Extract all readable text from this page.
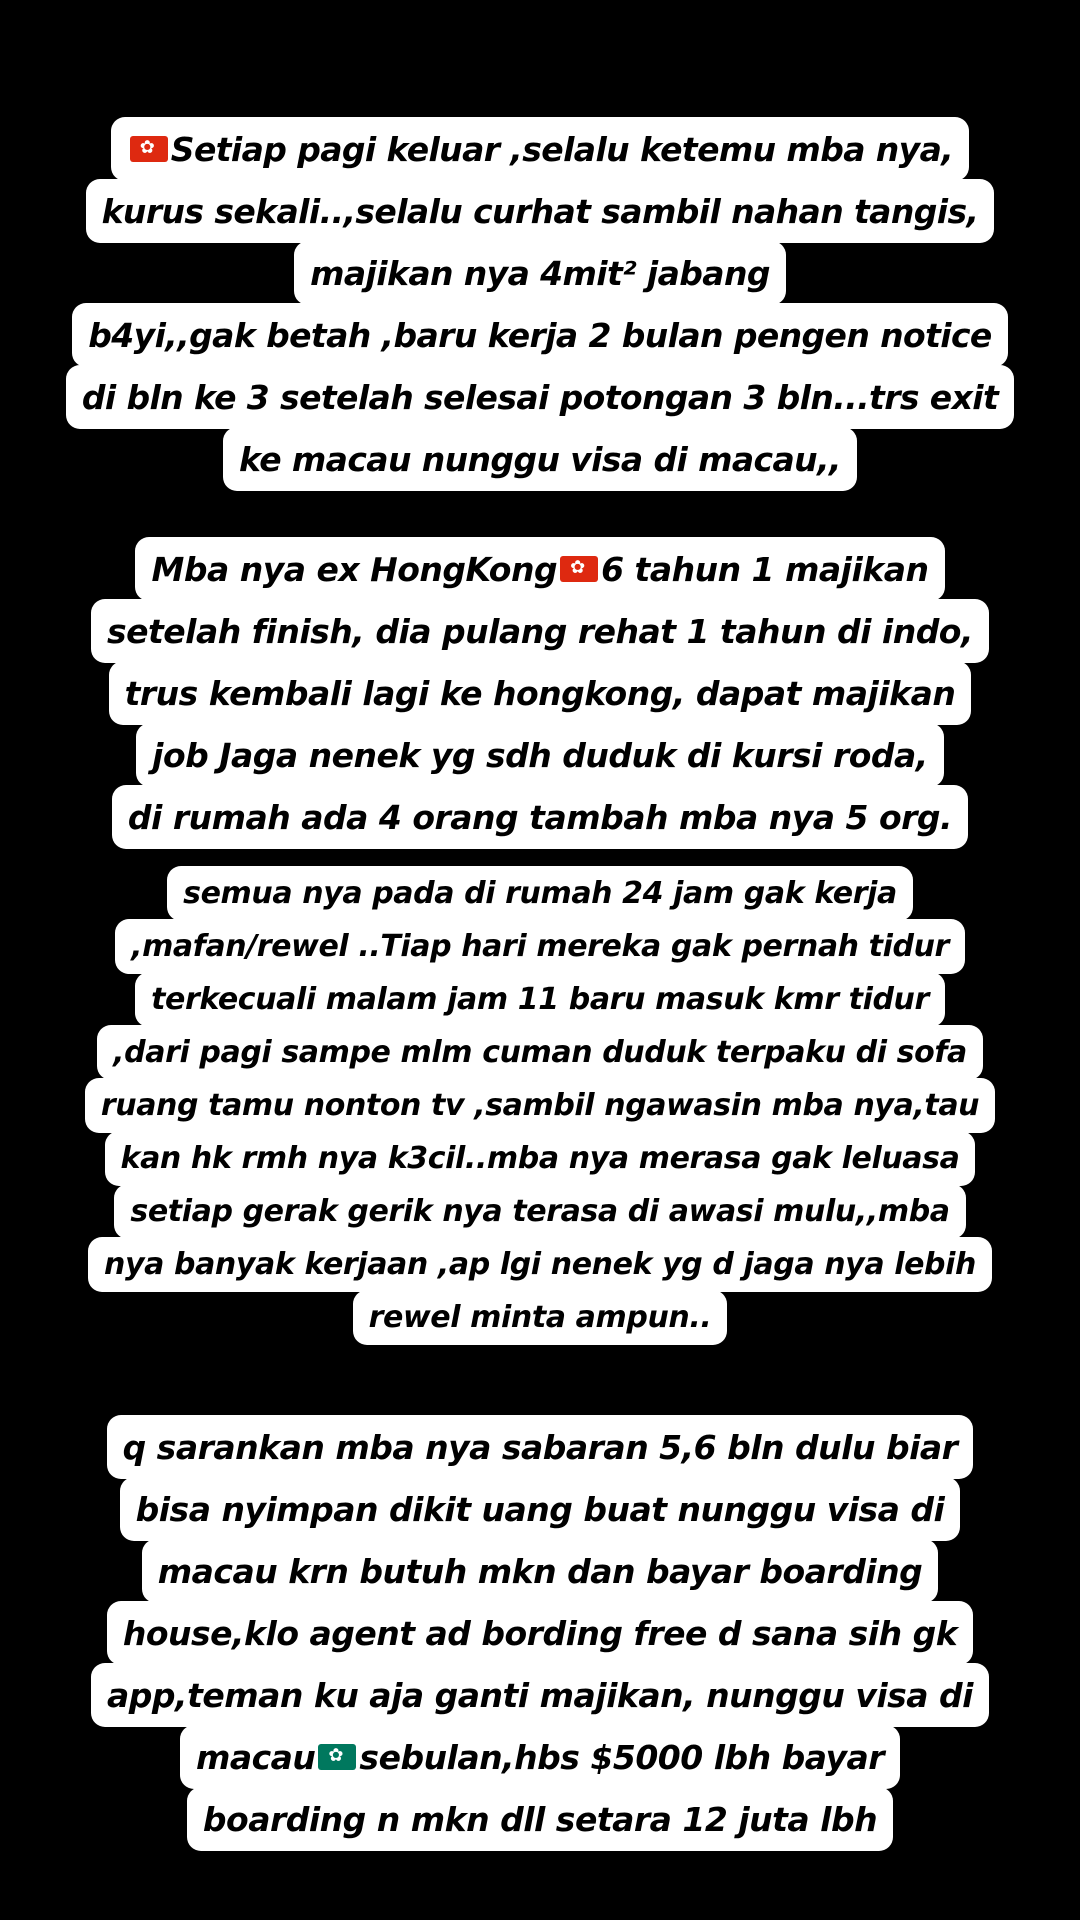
✿
Setiap pagi keluar ,selalu ketemu mba nya,
kurus sekali..,selalu curhat sambil nahan tangis,
majikan nya 4mit² jabang
b4yi,,gak betah ,baru kerja 2 bulan pengen notice
di bln ke 3 setelah selesai potongan 3 bln...trs exit
ke macau nunggu visa di macau,,
Mba nya ex HongKong ✿ 6 tahun 1 majikan
setelah finish, dia pulang rehat 1 tahun di indo,
trus kembali lagi ke hongkong, dapat majikan
job Jaga nenek yg sdh duduk di kursi roda,
di rumah ada 4 orang tambah mba nya 5 org.
semua nya pada di rumah 24 jam gak kerja
,mafan/rewel ..Tiap hari mereka gak pernah tidur
terkecuali malam jam 11 baru masuk kmr tidur
,dari pagi sampe mlm cuman duduk terpaku di sofa
ruang tamu nonton tv ,sambil ngawasin mba nya,tau
kan hk rmh nya k3cil..mba nya merasa gak leluasa
setiap gerak gerik nya terasa di awasi mulu,,mba
nya banyak kerjaan ,ap lgi nenek yg d jaga nya lebih
rewel minta ampun..
q sarankan mba nya sabaran 5,6 bln dulu biar
bisa nyimpan dikit uang buat nunggu visa di
macau krn butuh mkn dan bayar boarding
house,klo agent ad bording free d sana sih gk
app,teman ku aja ganti majikan, nunggu visa di
macau ✿ sebulan,hbs $5000 lbh bayar
boarding n mkn dll setara 12 juta lbh
